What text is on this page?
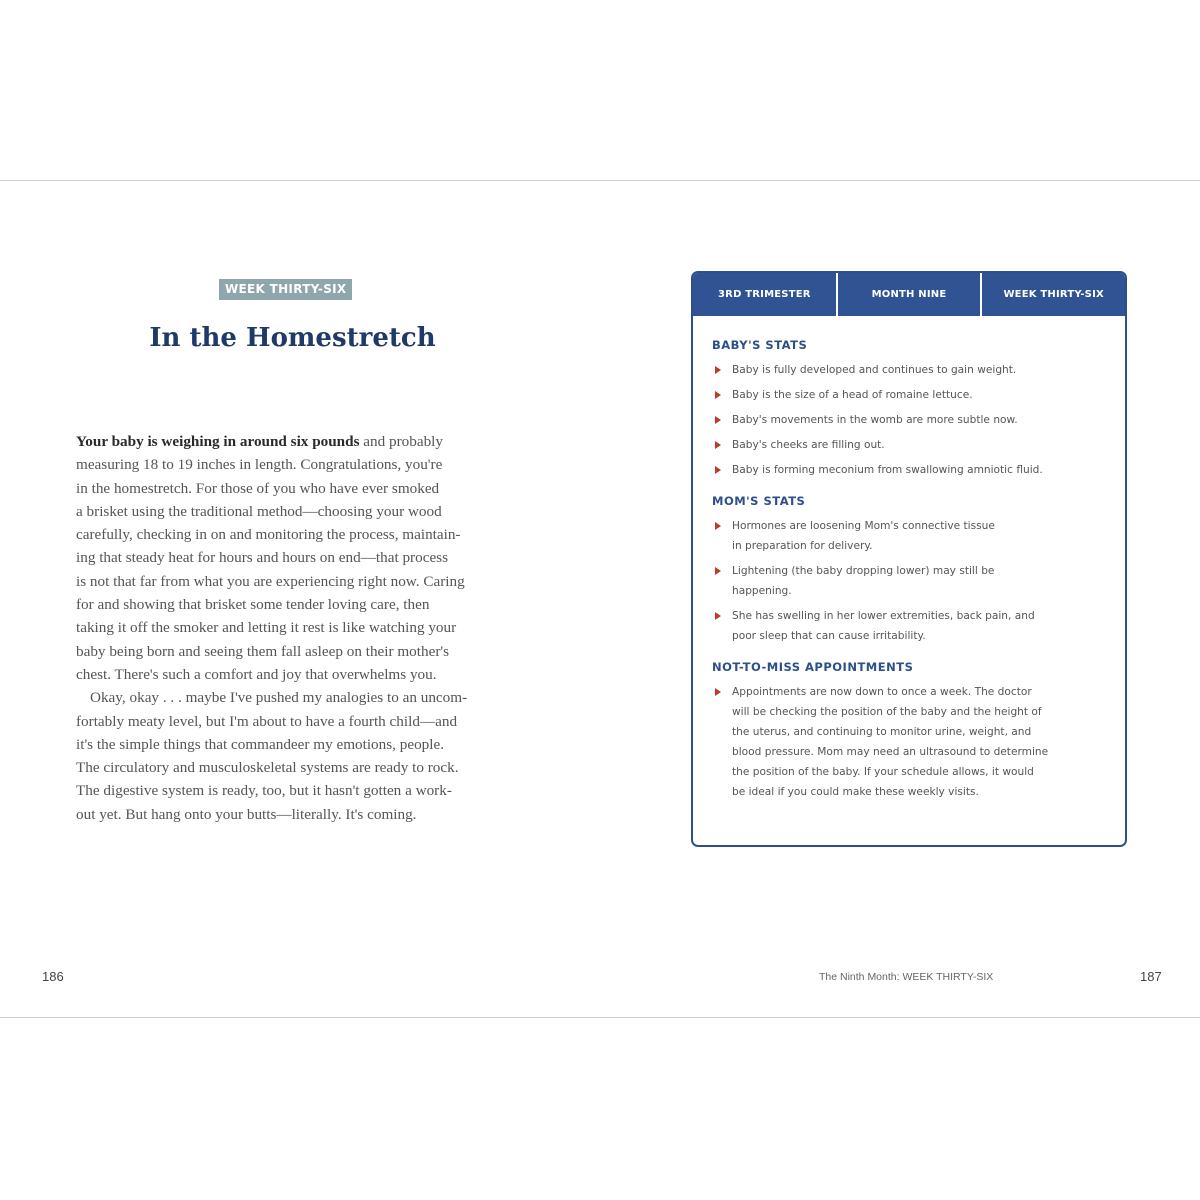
WEEK THIRTY-SIX
In the Homestretch
Your baby is weighing in around six pounds and probably
measuring 18 to 19 inches in length. Congratulations, you're
in the homestretch. For those of you who have ever smoked
a brisket using the traditional method—choosing your wood
carefully, checking in on and monitoring the process, maintain-
ing that steady heat for hours and hours on end—that process
is not that far from what you are experiencing right now. Caring
for and showing that brisket some tender loving care, then
taking it off the smoker and letting it rest is like watching your
baby being born and seeing them fall asleep on their mother's
chest. There's such a comfort and joy that overwhelms you.
Okay, okay . . . maybe I've pushed my analogies to an uncom-
fortably meaty level, but I'm about to have a fourth child—and
it's the simple things that commandeer my emotions, people.
The circulatory and musculoskeletal systems are ready to rock.
The digestive system is ready, too, but it hasn't gotten a work-
out yet. But hang onto your butts—literally. It's coming.
186
3RD TRIMESTER	MONTH NINE	WEEK THIRTY-SIX
BABY'S STATS
Baby is fully developed and continues to gain weight.
Baby is the size of a head of romaine lettuce.
Baby's movements in the womb are more subtle now.
Baby's cheeks are filling out.
Baby is forming meconium from swallowing amniotic fluid.
MOM'S STATS
Hormones are loosening Mom's connective tissue
in preparation for delivery.
Lightening (the baby dropping lower) may still be
happening.
She has swelling in her lower extremities, back pain, and
poor sleep that can cause irritability.
NOT-TO-MISS APPOINTMENTS
Appointments are now down to once a week. The doctor
will be checking the position of the baby and the height of
the uterus, and continuing to monitor urine, weight, and
blood pressure. Mom may need an ultrasound to determine
the position of the baby. If your schedule allows, it would
be ideal if you could make these weekly visits.
The Ninth Month: WEEK THIRTY-SIX	187
